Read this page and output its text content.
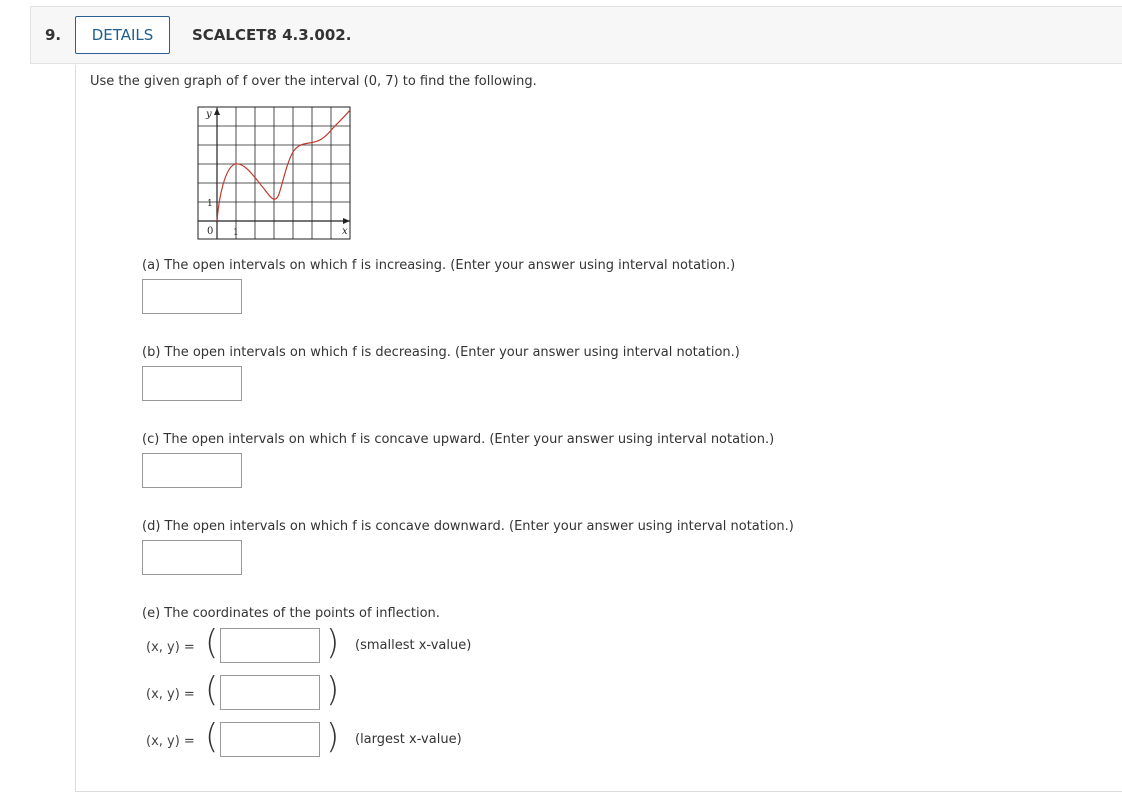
9.	DETAILS	SCALCET8 4.3.002.
Use the given graph of f over the interval (0, 7) to find the following.
y
x
1
0 1
(a) The open intervals on which f is increasing. (Enter your answer using interval notation.)
(b) The open intervals on which f is decreasing. (Enter your answer using interval notation.)
(c) The open intervals on which f is concave upward. (Enter your answer using interval notation.)
(d) The open intervals on which f is concave downward. (Enter your answer using interval notation.)
(e) The coordinates of the points of inflection.
(x, y) = (	) (smallest x-value)
(x, y) = (	)
(x, y) = (	) (largest x-value)
